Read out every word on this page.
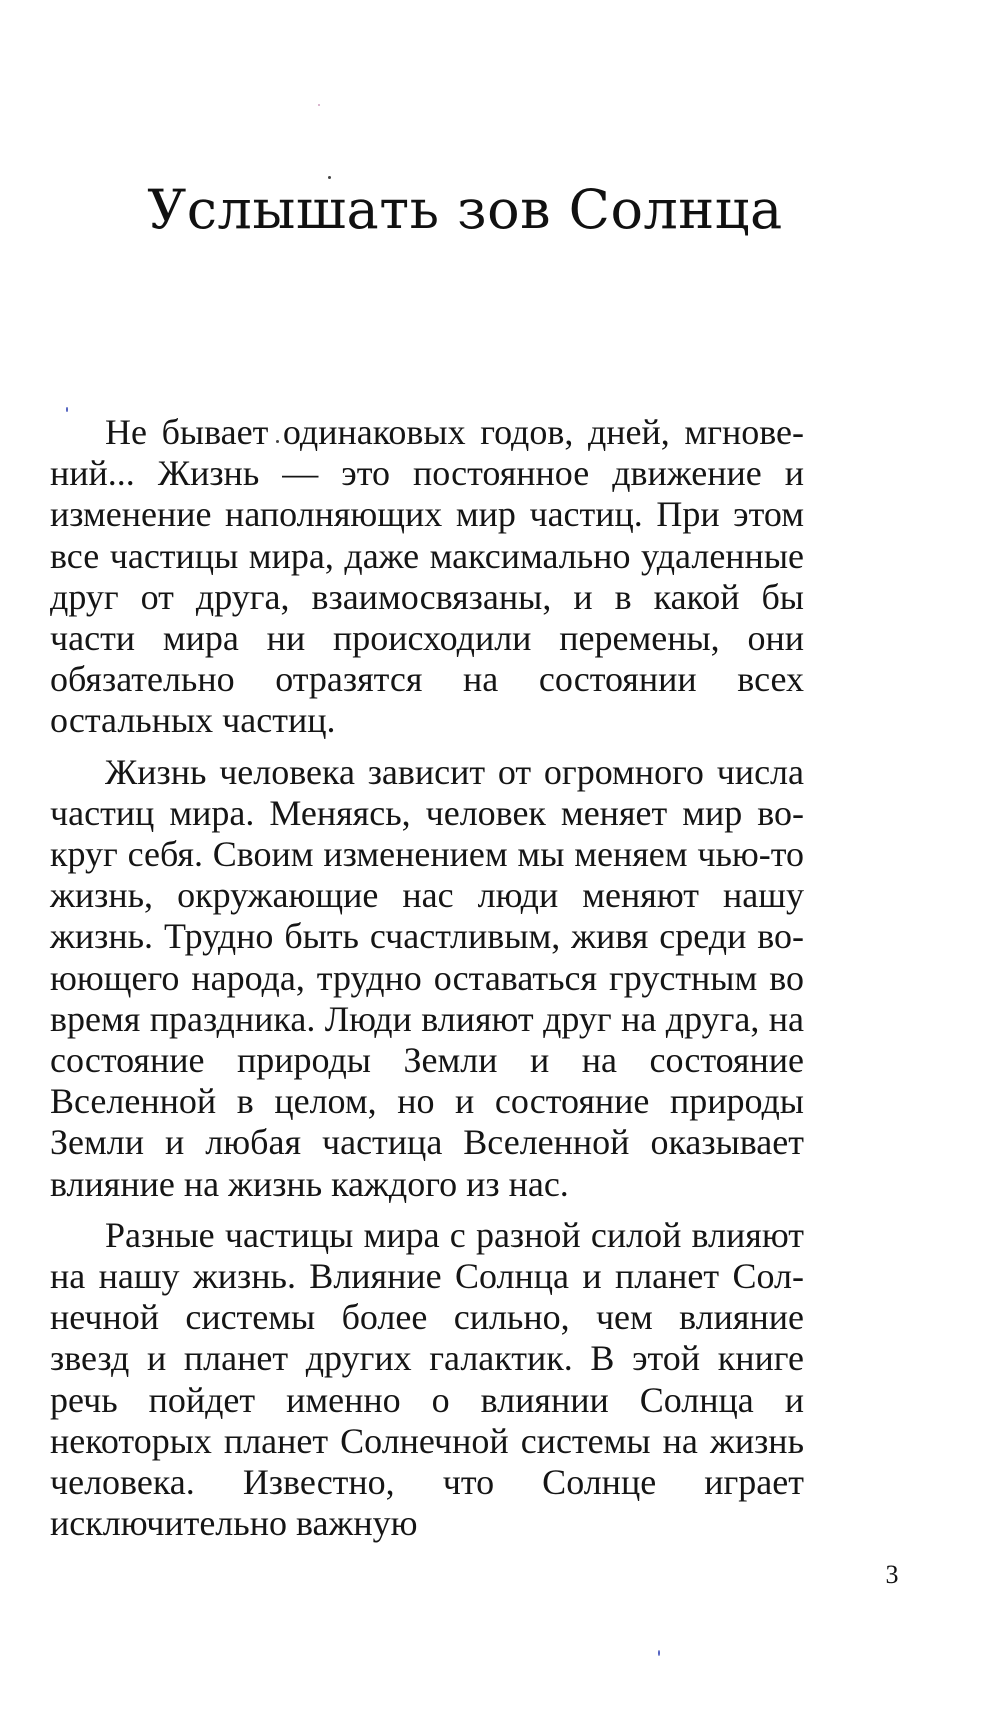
Услышать зов Солнца

Не бывает одинаковых годов, дней, мгновений... Жизнь — это постоянное движение и изменение наполняющих мир частиц. При этом все частицы мира, даже максимально удаленные друг от друга, взаимосвязаны, и в какой бы части мира ни происходили перемены, они обязательно отразятся на состоянии всех остальных частиц.

Жизнь человека зависит от огромного числа частиц мира. Меняясь, человек меняет мир вокруг себя. Своим изменением мы меняем чью-то жизнь, окружающие нас люди меняют нашу жизнь. Трудно быть счастливым, живя среди воюющего народа, трудно оставаться грустным во время праздника. Люди влияют друг на друга, на состояние природы Земли и на состояние Вселенной в целом, но и состояние природы Земли и любая частица Вселенной оказывает влияние на жизнь каждого из нас.

Разные частицы мира с разной силой влияют на нашу жизнь. Влияние Солнца и планет Солнечной системы более сильно, чем влияние звезд и планет других галактик. В этой книге речь пойдет именно о влиянии Солнца и некоторых планет Солнечной системы на жизнь человека. Известно, что Солнце играет исключительно важную

3
